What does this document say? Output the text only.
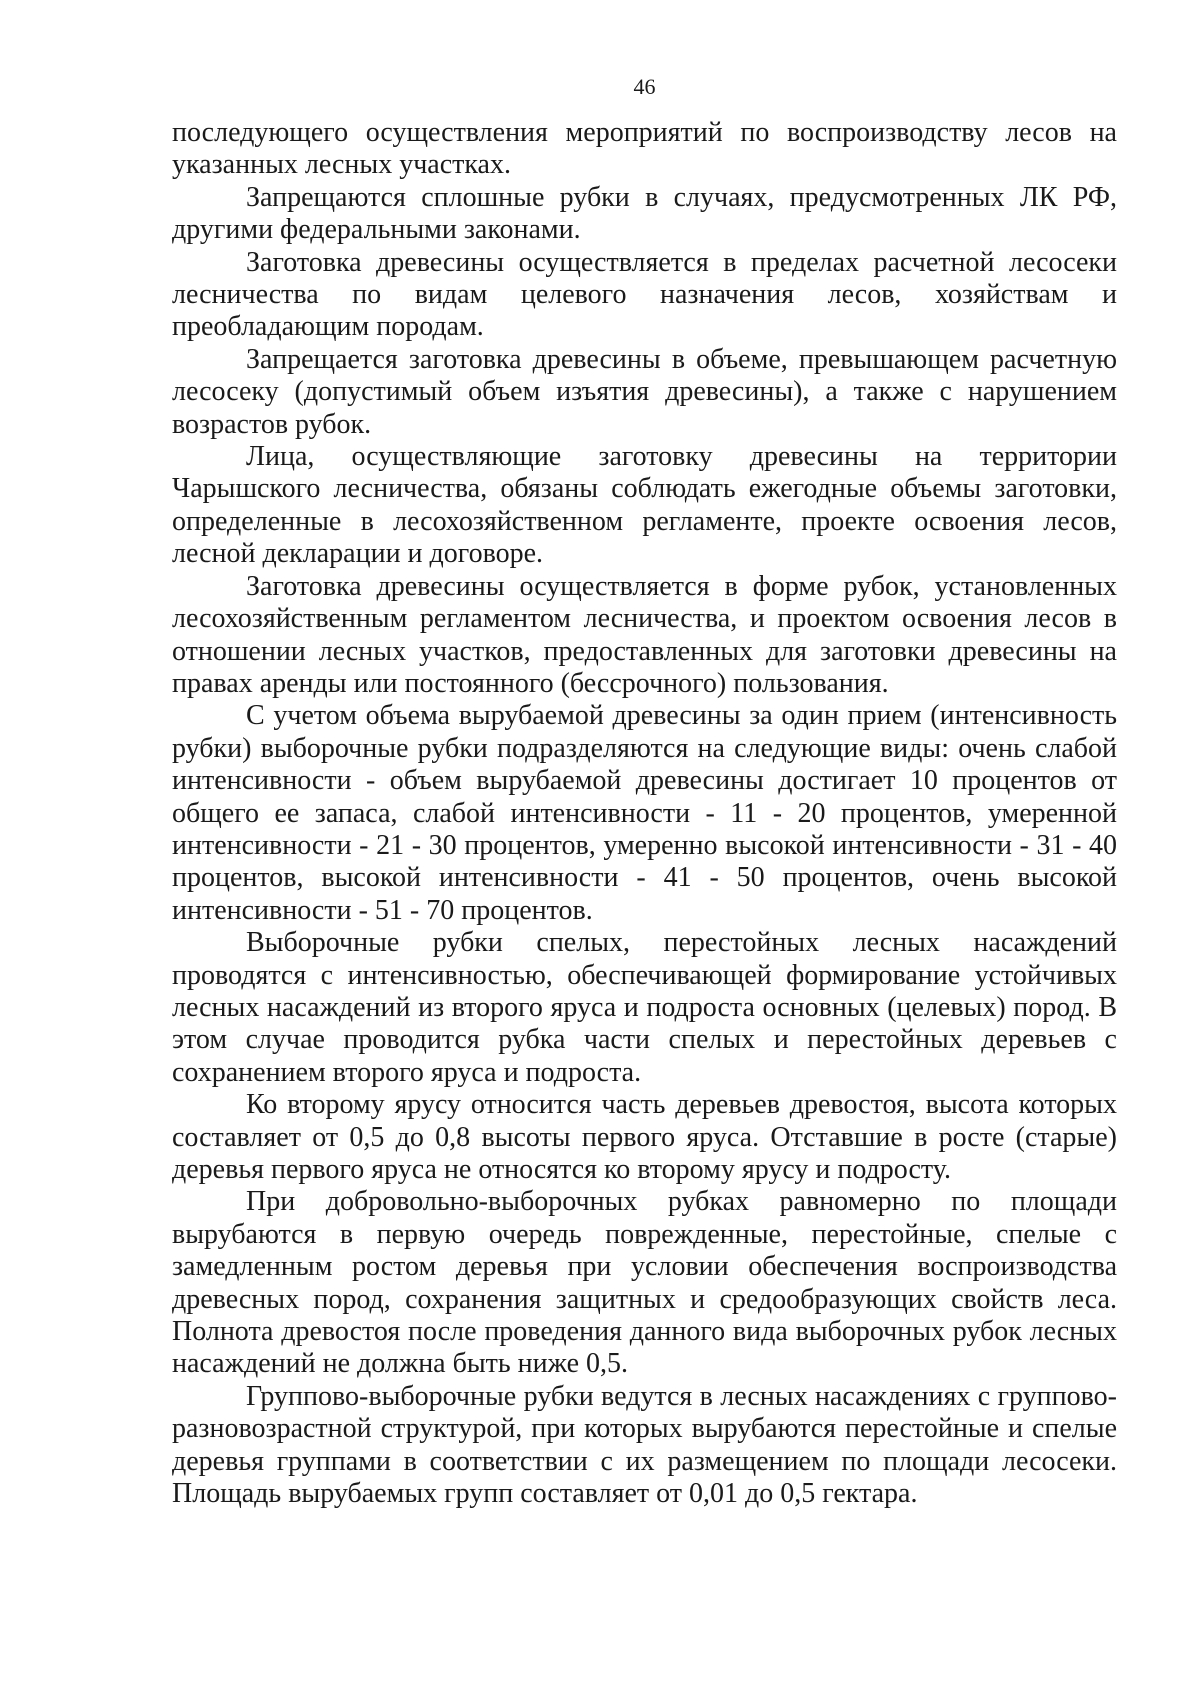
46

последующего осуществления мероприятий по воспроизводству лесов на указанных лесных участках.

Запрещаются сплошные рубки в случаях, предусмотренных ЛК РФ, другими федеральными законами.

Заготовка древесины осуществляется в пределах расчетной лесосеки лесничества по видам целевого назначения лесов, хозяйствам и преобладающим породам.

Запрещается заготовка древесины в объеме, превышающем расчетную лесосеку (допустимый объем изъятия древесины), а также с нарушением возрастов рубок.

Лица, осуществляющие заготовку древесины на территории Чарышского лесничества, обязаны соблюдать ежегодные объемы заготовки, определенные в лесохозяйственном регламенте, проекте освоения лесов, лесной декларации и договоре.

Заготовка древесины осуществляется в форме рубок, установленных лесохозяйственным регламентом лесничества, и проектом освоения лесов в отношении лесных участков, предоставленных для заготовки древесины на правах аренды или постоянного (бессрочного) пользования.

С учетом объема вырубаемой древесины за один прием (интенсивность рубки) выборочные рубки подразделяются на следующие виды: очень слабой интенсивности - объем вырубаемой древесины достигает 10 процентов от общего ее запаса, слабой интенсивности - 11 - 20 процентов, умеренной интенсивности - 21 - 30 процентов, умеренно высокой интенсивности - 31 - 40 процентов, высокой интенсивности - 41 - 50 процентов, очень высокой интенсивности - 51 - 70 процентов.

Выборочные рубки спелых, перестойных лесных насаждений проводятся с интенсивностью, обеспечивающей формирование устойчивых лесных насаждений из второго яруса и подроста основных (целевых) пород. В этом случае проводится рубка части спелых и перестойных деревьев с сохранением второго яруса и подроста.

Ко второму ярусу относится часть деревьев древостоя, высота которых составляет от 0,5 до 0,8 высоты первого яруса. Отставшие в росте (старые) деревья первого яруса не относятся ко второму ярусу и подросту.

При добровольно-выборочных рубках равномерно по площади вырубаются в первую очередь поврежденные, перестойные, спелые с замедленным ростом деревья при условии обеспечения воспроизводства древесных пород, сохранения защитных и средообразующих свойств леса. Полнота древостоя после проведения данного вида выборочных рубок лесных насаждений не должна быть ниже 0,5.

Группово-выборочные рубки ведутся в лесных насаждениях с группово-разновозрастной структурой, при которых вырубаются перестойные и спелые деревья группами в соответствии с их размещением по площади лесосеки. Площадь вырубаемых групп составляет от 0,01 до 0,5 гектара.
